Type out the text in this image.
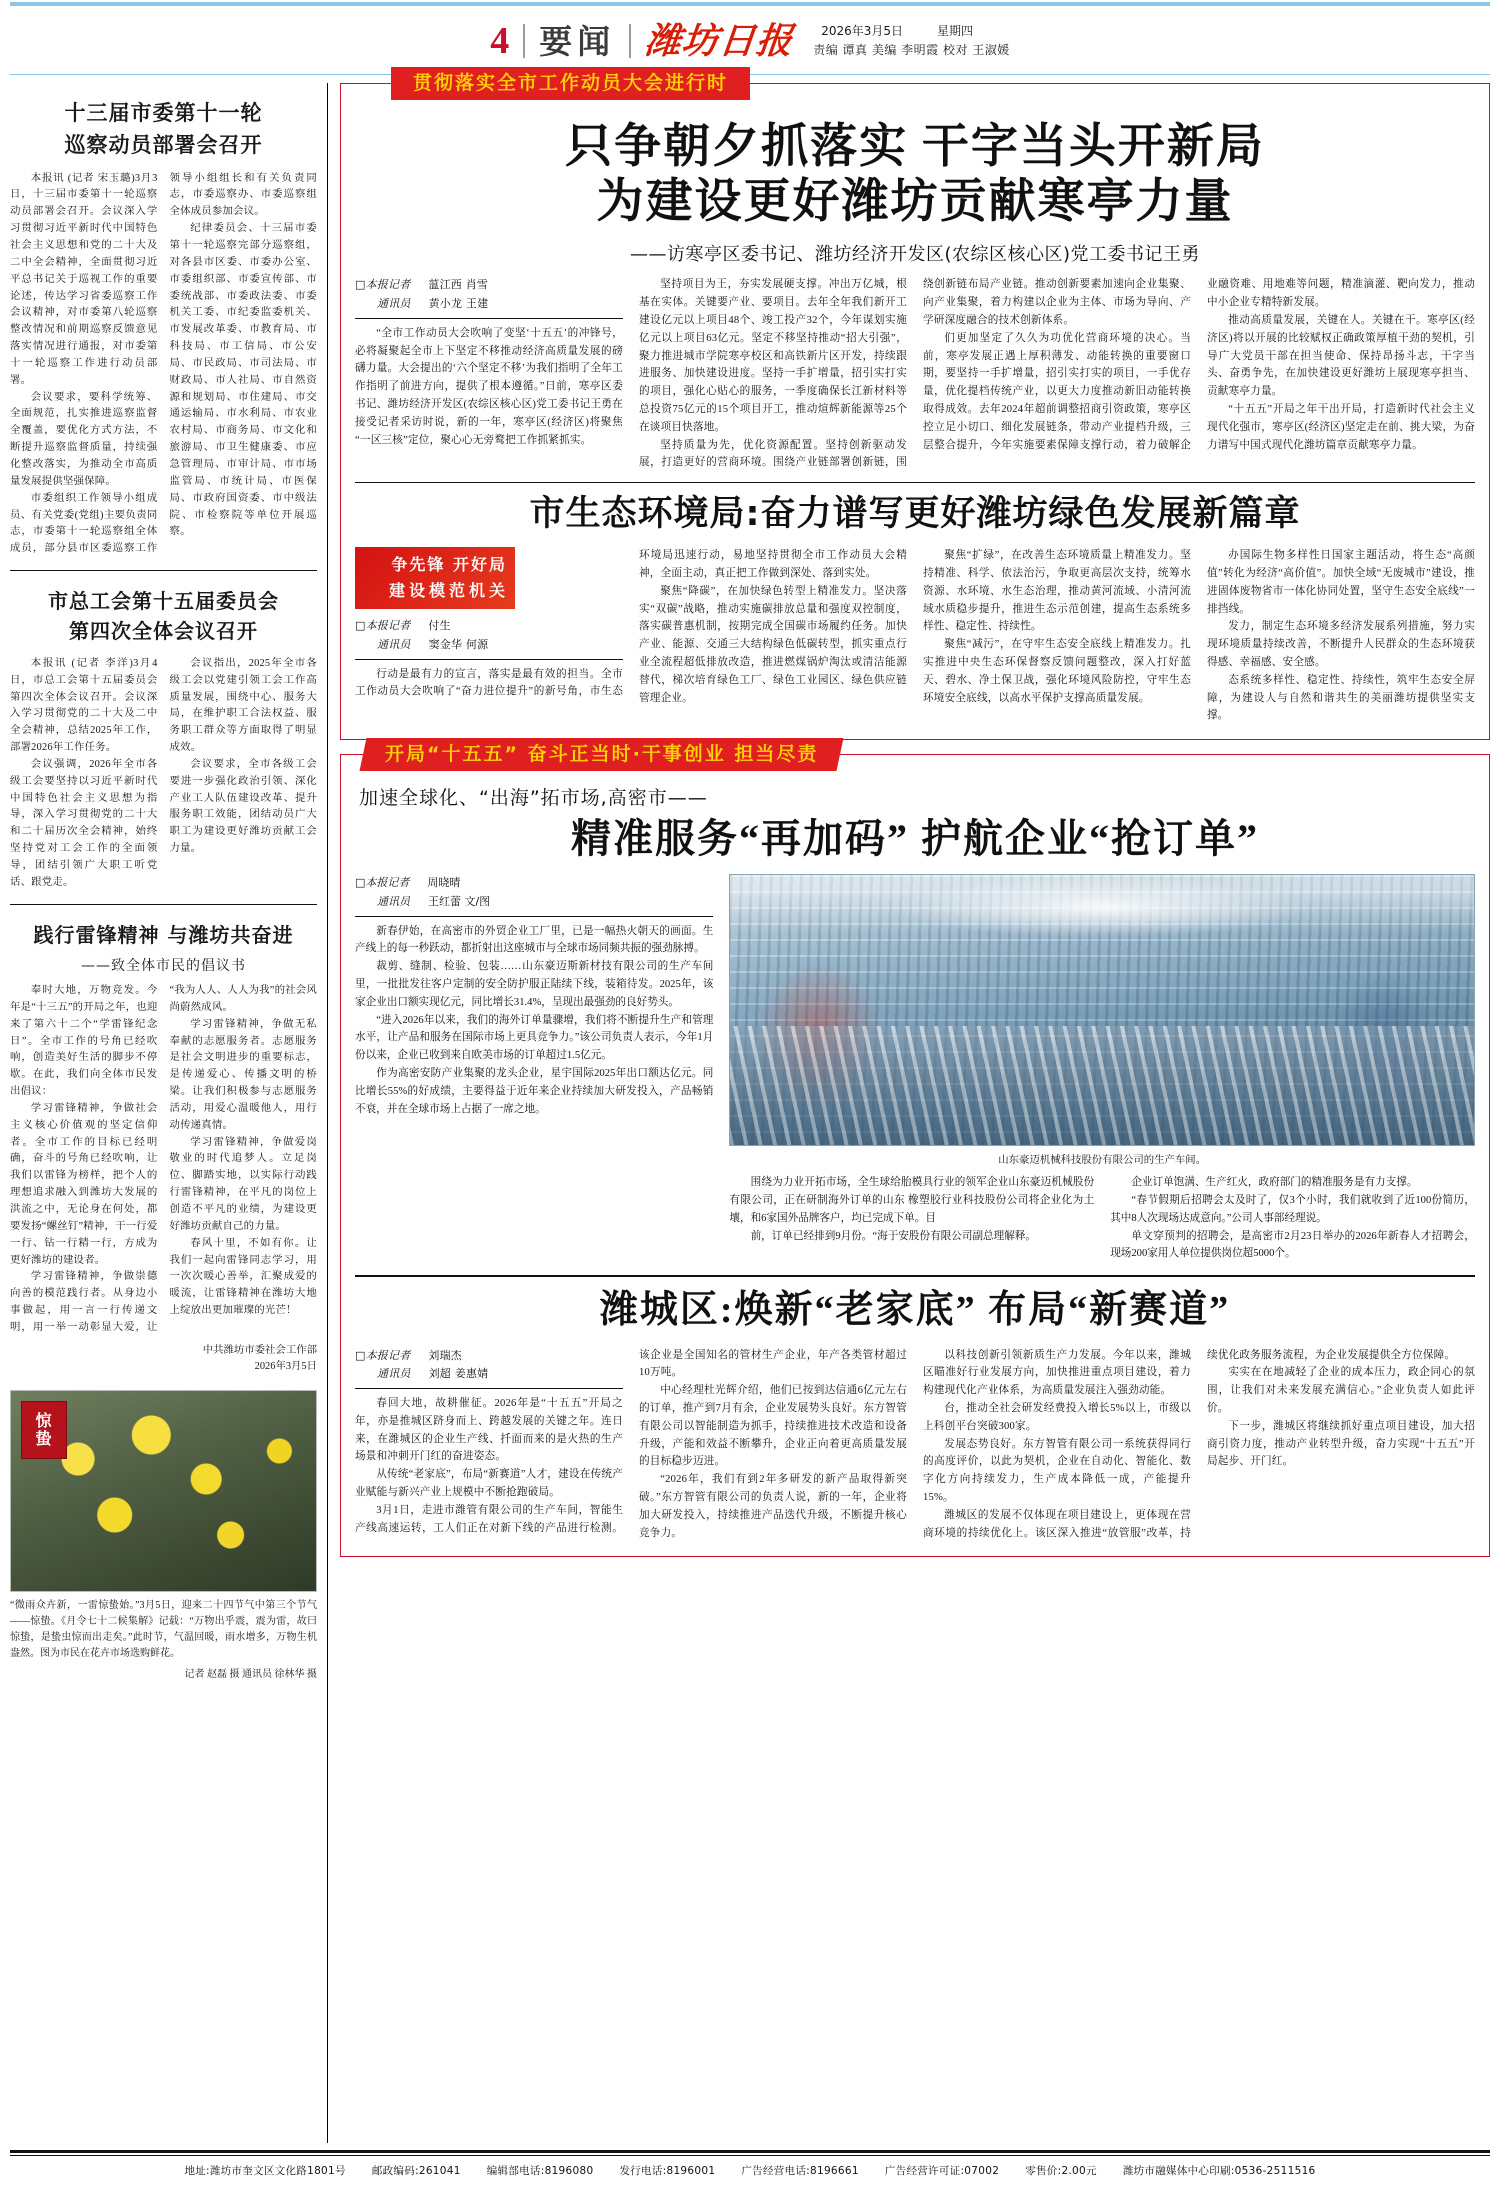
4 要闻 潍坊日报 2026年3月5日	星期四
责编 谭真 美编 李明霞 校对 王淑媛
十三届市委第十一轮
巡察动员部署会召开

本报讯 (记者 宋玉璐)3月3日，十三届市委第十一轮巡察动员部署会召开。会议深入学习贯彻习近平新时代中国特色社会主义思想和党的二十大及二中全会精神，全面贯彻习近平总书记关于巡视工作的重要论述，传达学习省委巡察工作会议精神，对市委第八轮巡察整改情况和前期巡察反馈意见落实情况进行通报，对市委第十一轮巡察工作进行动员部署。

会议要求，要科学统筹、全面规范，扎实推进巡察监督全覆盖，要优化方式方法，不断提升巡察监督质量，持续强化整改落实，为推动全市高质量发展提供坚强保障。

市委组织工作领导小组成员、有关党委(党组)主要负责同志，市委第十一轮巡察组全体成员，部分县市区委巡察工作领导小组组长和有关负责同志，市委巡察办、市委巡察组全体成员参加会议。

纪律委员会、十三届市委第十一轮巡察完部分巡察组，对各县市区委、市委办公室、市委组织部、市委宣传部、市委统战部、市委政法委、市委机关工委、市纪委监委机关、市发展改革委、市教育局、市科技局、市工信局、市公安局、市民政局、市司法局、市财政局、市人社局、市自然资源和规划局、市住建局、市交通运输局、市水利局、市农业农村局、市商务局、市文化和旅游局、市卫生健康委、市应急管理局、市审计局、市市场监管局、市统计局、市医保局、市政府国资委、市中级法院、市检察院等单位开展巡察。

市总工会第十五届委员会
第四次全体会议召开

本报讯 (记者 李洋)3月4日，市总工会第十五届委员会第四次全体会议召开。会议深入学习贯彻党的二十大及二中全会精神，总结2025年工作，部署2026年工作任务。

会议强调，2026年全市各级工会要坚持以习近平新时代中国特色社会主义思想为指导，深入学习贯彻党的二十大和二十届历次全会精神，始终坚持党对工会工作的全面领导，团结引领广大职工听党话、跟党走。

会议指出，2025年全市各级工会以党建引领工会工作高质量发展，围绕中心、服务大局，在维护职工合法权益、服务职工群众等方面取得了明显成效。

会议要求，全市各级工会要进一步强化政治引领、深化产业工人队伍建设改革、提升服务职工效能，团结动员广大职工为建设更好潍坊贡献工会力量。

践行雷锋精神 与潍坊共奋进
——致全体市民的倡议书

奉时大地，万物竞发。今年是“十三五”的开局之年，也迎来了第六十二个“学雷锋纪念日”。全市工作的号角已经吹响，创造美好生活的脚步不停歇。在此，我们向全体市民发出倡议：

学习雷锋精神，争做社会主义核心价值观的坚定信仰者。全市工作的目标已经明确，奋斗的号角已经吹响，让我们以雷锋为榜样，把个人的理想追求融入到潍坊大发展的洪流之中，无论身在何处，都要发扬“螺丝钉”精神，干一行爱一行、钻一行精一行，方成为更好潍坊的建设者。

学习雷锋精神，争做崇德向善的模范践行者。从身边小事做起，用一言一行传递文明，用一举一动彰显大爱，让“我为人人、人人为我”的社会风尚蔚然成风。

学习雷锋精神，争做无私奉献的志愿服务者。志愿服务是社会文明进步的重要标志，是传递爱心、传播文明的桥梁。让我们积极参与志愿服务活动，用爱心温暖他人，用行动传递真情。

学习雷锋精神，争做爱岗敬业的时代追梦人。立足岗位、脚踏实地，以实际行动践行雷锋精神，在平凡的岗位上创造不平凡的业绩，为建设更好潍坊贡献自己的力量。

春风十里，不如有你。让我们一起向雷锋同志学习，用一次次暖心善举，汇聚成爱的暖流，让雷锋精神在潍坊大地上绽放出更加璀璨的光芒！

中共潍坊市委社会工作部
2026年3月5日
惊
蛰
“微雨众卉新，一雷惊蛰始。”3月5日，迎来二十四节气中第三个节气——惊蛰。《月令七十二候集解》记载：“万物出乎震，震为雷，故曰惊蛰，是蛰虫惊而出走矣。”此时节，气温回暖，雨水增多，万物生机盎然。图为市民在花卉市场选购鲜花。
记者 赵磊 摄 通讯员 徐林华 摄
贯彻落实全市工作动员大会进行时
只争朝夕抓落实 干字当头开新局
为建设更好潍坊贡献寒亭力量
——访寒亭区委书记、潍坊经济开发区(农综区核心区)党工委书记王勇
□本报记者 蕰江西 肖雪
通讯员 黄小龙 王建

“全市工作动员大会吹响了变坚‘十五五’的冲锋号，必将凝聚起全市上下坚定不移推动经济高质量发展的磅礴力量。大会提出的‘六个坚定不移’为我们指明了全年工作指明了前进方向，提供了根本遵循。”日前，寒亭区委书记、潍坊经济开发区(农综区核心区)党工委书记王勇在接受记者采访时说，新的一年，寒亭区(经济区)将聚焦“一区三核”定位，聚心心无旁鹜把工作抓紧抓实。

坚持项目为王，夯实发展硬支撑。冲出万亿城，根基在实体。关键要产业、要项目。去年全年我们新开工建设亿元以上项目48个、竣工投产32个，今年谋划实施亿元以上项目63亿元。坚定不移坚持推动“招大引强”，聚力推进城市学院寒亭校区和高铁新片区开发，持续跟进服务、加快建设进度。坚持一手扩增量，招引实打实的项目，强化心贴心的服务，一季度确保长江新材料等总投资75亿元的15个项目开工，推动煊辉新能源等25个在谈项目快落地。

坚持质量为先，优化资源配置。坚持创新驱动发展，打造更好的营商环境。围绕产业链部署创新链，围绕创新链布局产业链。推动创新要素加速向企业集聚、向产业集聚，着力构建以企业为主体、市场为导向、产学研深度融合的技术创新体系。

们更加坚定了久久为功优化营商环境的决心。当前，寒亭发展正遇上厚积薄发、动能转换的重要窗口期，要坚持一手扩增量，招引实打实的项目，一手优存量，优化提档传统产业，以更大力度推动新旧动能转换取得成效。去年2024年超前调整招商引资政策，寒亭区控立足小切口、细化发展链条，带动产业提档升级，三层整合提升，今年实施要素保障支撑行动，着力破解企业融资难、用地难等问题，精准滴灌、靶向发力，推动中小企业专精特新发展。

推动高质量发展，关键在人。关键在干。寒亭区(经济区)将以开展的比较赋权正确政策厚植干劲的契机，引导广大党员干部在担当使命、保持昂扬斗志，干字当头、奋勇争先，在加快建设更好潍坊上展现寒亭担当、贡献寒亭力量。

“十五五”开局之年干出开局，打造新时代社会主义现代化强市，寒亭区(经济区)坚定走在前、挑大梁，为奋力谱写中国式现代化潍坊篇章贡献寒亭力量。

市生态环境局:奋力谱写更好潍坊绿色发展新篇章
争先锋 开好局
建设模范机关
□本报记者 付生
通讯员 窦金华 何源

行动是最有力的宣言，落实是最有效的担当。全市工作动员大会吹响了“奋力进位提升”的新号角，市生态环境局迅速行动，易地坚持贯彻全市工作动员大会精神，全面主动，真正把工作做到深处、落到实处。

聚焦“降碳”，在加快绿色转型上精准发力。坚决落实“双碳”战略，推动实施碳排放总量和强度双控制度，落实碳普惠机制，按期完成全国碳市场履约任务。加快产业、能源、交通三大结构绿色低碳转型，抓实重点行业全流程超低排放改造，推进燃煤锅炉淘汰或清洁能源替代，梯次培育绿色工厂、绿色工业园区、绿色供应链管理企业。

聚焦“扩绿”，在改善生态环境质量上精准发力。坚持精准、科学、依法治污，争取更高层次支持，统筹水资源、水环境、水生态治理，推动黄河流域、小清河流域水质稳步提升，推进生态示范创建，提高生态系统多样性、稳定性、持续性。

聚焦“减污”，在守牢生态安全底线上精准发力。扎实推进中央生态环保督察反馈问题整改，深入打好蓝天、碧水、净土保卫战，强化环境风险防控，守牢生态环境安全底线，以高水平保护支撑高质量发展。

办国际生物多样性日国家主题活动，将生态“高颜值”转化为经济“高价值”。加快全域“无废城市”建设，推进固体废物省市一体化协同处置，坚守生态安全底线”一排挡线。

发力，制定生态环境多经济发展系列措施，努力实现环境质量持续改善，不断提升人民群众的生态环境获得感、幸福感、安全感。

态系统多样性、稳定性、持续性，筑牢生态安全屏障，为建设人与自然和谐共生的美丽潍坊提供坚实支撑。

开局“十五五” 奋斗正当时·干事创业 担当尽责
加速全球化、“出海”拓市场,高密市——
精准服务“再加码” 护航企业“抢订单”
□本报记者 周晓晴
通讯员 王红蕾 文/图

新春伊始，在高密市的外贸企业工厂里，已是一幅热火朝天的画面。生产线上的每一秒跃动，都折射出这座城市与全球市场同频共振的强劲脉搏。

裁剪、缝制、检验、包装……山东豪迈斯新材技有限公司的生产车间里，一批批发往客户定制的安全防护服正陆续下线，装箱待发。2025年，该家企业出口额实现亿元，同比增长31.4%，呈现出最强劲的良好势头。

“进入2026年以来，我们的海外订单量骤增，我们将不断提升生产和管理水平，让产品和服务在国际市场上更具竞争力。”该公司负责人表示，今年1月份以来，企业已收到来自欧美市场的订单超过1.5亿元。

作为高密安防产业集聚的龙头企业，星宇国际2025年出口额达亿元。同比增长55%的好成绩，主要得益于近年来企业持续加大研发投入，产品畅销不衰，并在全球市场上占据了一席之地。

山东豪迈机械科技股份有限公司的生产车间。

围绕为力业开拓市场，全生球给胎模具行业的领军企业山东豪迈机械股份有限公司，正在研制海外订单的山东 橡塑胶行业科技股份公司将企业化为土壤，和6家国外品牌客户，均已完成下单。目

前，订单已经排到9月份。“海于安股份有限公司副总理解释。

企业订单饱满、生产红火，政府部门的精准服务是有力支撑。

“春节假期后招聘会太及时了，仅3个小时，我们就收到了近100份简历，其中8人次现场达成意向。”公司人事部经理说。

单文穿预判的招聘会，是高密市2月23日举办的2026年新春人才招聘会，现场200家用人单位提供岗位超5000个。

潍城区:焕新“老家底” 布局“新赛道”
□本报记者 刘瑞杰
通讯员 刘超 姜惠婧

春回大地，故耕催征。2026年是“十五五”开局之年，亦是推城区跻身而上、跨越发展的关键之年。连日来，在潍城区的企业生产线、扦面而来的是火热的生产场景和冲刺开门红的奋进姿态。

从传统“老家底”，布局“新赛道”人才，建设在传统产业赋能与新兴产业上规模中不断抢跑破局。

3月1日，走进市潍管有限公司的生产车间，智能生产线高速运转，工人们正在对新下线的产品进行检测。该企业是全国知名的管材生产企业，年产各类管材超过10万吨。

中心经理杜光辉介绍，他们已按到达信通6亿元左右的订单，推产到7月有余，企业发展势头良好。东方智管有限公司以智能制造为抓手，持续推进技术改造和设备升级，产能和效益不断攀升，企业正向着更高质量发展的目标稳步迈进。

“2026年，我们有到2年多研发的新产品取得新突破。”东方智管有限公司的负责人说，新的一年，企业将加大研发投入，持续推进产品迭代升级，不断提升核心竞争力。

以科技创新引领新质生产力发展。今年以来，潍城区瞄准好行业发展方向，加快推进重点项目建设，着力构建现代化产业体系，为高质量发展注入强劲动能。

台，推动全社会研发经费投入增长5%以上，市级以上科创平台突破300家。

发展态势良好。东方智管有限公司一系统获得同行的高度评价，以此为契机，企业在自动化、智能化、数字化方向持续发力，生产成本降低一成，产能提升15%。

潍城区的发展不仅体现在项目建设上，更体现在营商环境的持续优化上。该区深入推进“放管服”改革，持续优化政务服务流程，为企业发展提供全方位保障。

实实在在地减轻了企业的成本压力，政企同心的氛围，让我们对未来发展充满信心。”企业负责人如此评价。

下一步，潍城区将继续抓好重点项目建设，加大招商引资力度，推动产业转型升级，奋力实现“十五五”开局起步、开门红。

地址:潍坊市奎文区文化路1801号 邮政编码:261041 编辑部电话:8196080 发行电话:8196001 广告经营电话:8196661 广告经营许可证:07002 零售价:2.00元 潍坊市融媒体中心印刷:0536-2511516
